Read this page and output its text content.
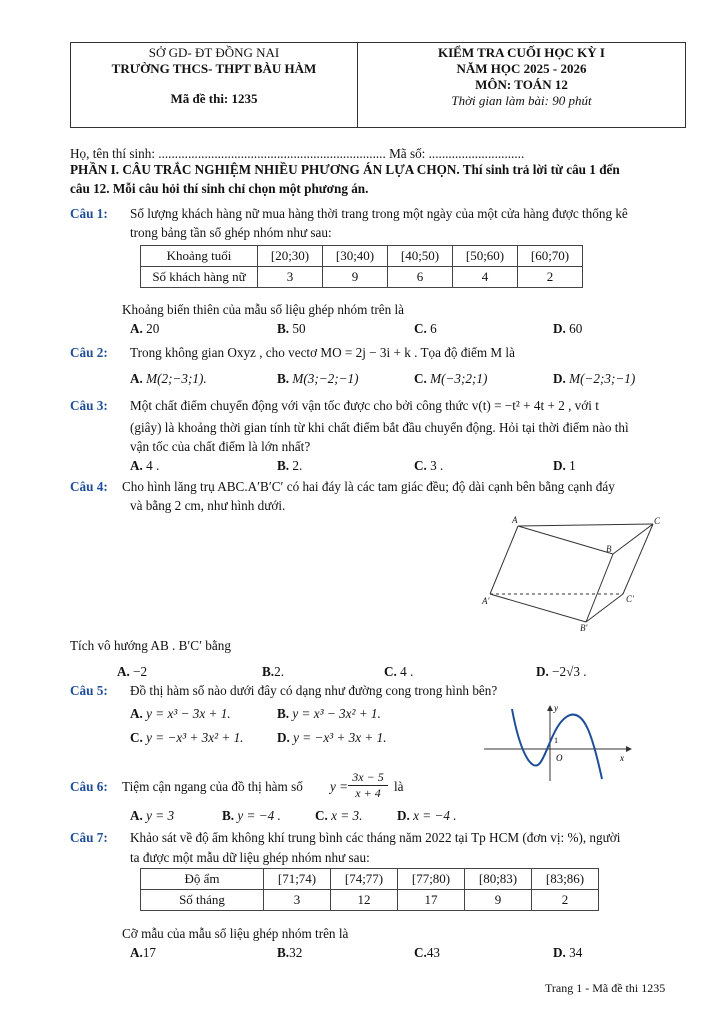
SỞ GD- ĐT ĐỒNG NAI
TRƯỜNG THCS- THPT BÀU HÀM
Mã đề thi: 1235
KIỂM TRA CUỐI HỌC KỲ I
NĂM HỌC 2025 - 2026
MÔN: TOÁN 12
Thời gian làm bài: 90 phút
Họ, tên thí sinh: ..................................................................... Mã số: .............................
PHẦN I. CÂU TRẮC NGHIỆM NHIỀU PHƯƠNG ÁN LỰA CHỌN. Thí sinh trả lời từ câu 1 đến
câu 12. Mỗi câu hỏi thí sinh chỉ chọn một phương án.
Câu 1: Số lượng khách hàng nữ mua hàng thời trang trong một ngày của một cửa hàng được thống kê
trong bảng tần số ghép nhóm như sau:
Khoảng tuổi	[20;30)	[30;40)	[40;50)	[50;60)	[60;70)
Số khách hàng nữ	3	9	6	4	2
Khoảng biến thiên của mẫu số liệu ghép nhóm trên là
A. 20	B. 50	C. 6	D. 60
Câu 2: Trong không gian Oxyz , cho vectơ MO = 2j − 3i + k . Tọa độ điểm M là
A. M(2;−3;1).	B. M(3;−2;−1)	C. M(−3;2;1)	D. M(−2;3;−1)
Câu 3: Một chất điểm chuyển động với vận tốc được cho bởi công thức v(t) = −t² + 4t + 2 , với t
(giây) là khoảng thời gian tính từ khi chất điểm bắt đầu chuyển động. Hỏi tại thời điểm nào thì
vận tốc của chất điểm là lớn nhất?
A. 4 .	B. 2.	C. 3 .	D. 1
Câu 4: Cho hình lăng trụ ABC.A′B′C′ có hai đáy là các tam giác đều; độ dài cạnh bên bằng cạnh đáy
và bằng 2 cm, như hình dưới.
A	C
B
A′	C′
B′
Tích vô hướng AB . B′C′ bằng
A. −2	B.2.	C. 4 .	D. −2√3 .
Câu 5: Đồ thị hàm số nào dưới đây có dạng như đường cong trong hình bên?
A. y = x³ − 3x + 1.	B. y = x³ − 3x² + 1.
C. y = −x³ + 3x² + 1.	D. y = −x³ + 3x + 1.
y
x
O
1
Câu 6: Tiệm cận ngang của đồ thị hàm số $y = \frac{3x - 5}{x + 4}$ là
A. y = 3	B. y = −4 .	C. x = 3.	D. x = −4 .
Câu 7: Khảo sát về độ ẩm không khí trung bình các tháng năm 2022 tại Tp HCM (đơn vị: %), người
ta được một mẫu dữ liệu ghép nhóm như sau:
Độ ẩm	[71;74)	[74;77)	[77;80)	[80;83)	[83;86)
Số tháng	3	12	17	9	2
Cỡ mẫu của mẫu số liệu ghép nhóm trên là
A.17	B.32	C.43	D. 34
Trang 1 - Mã đề thi 1235
